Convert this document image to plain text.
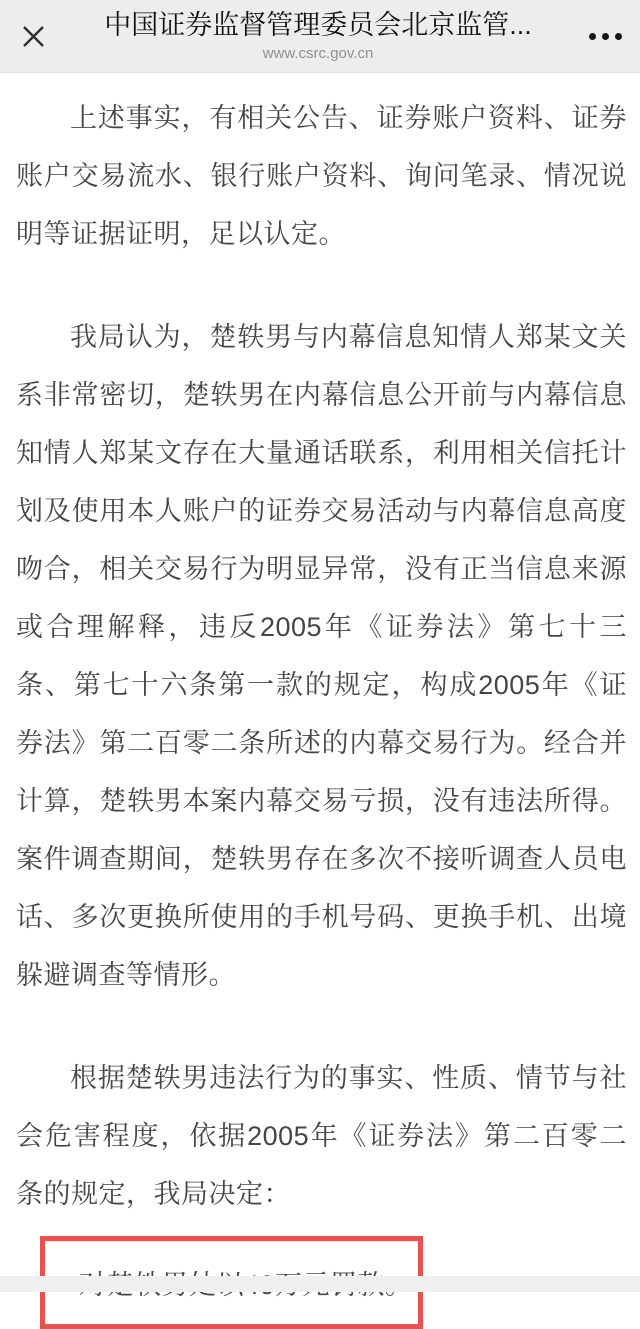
中国证券监督管理委员会北京监管...
www.csrc.gov.cn

上述事实，有相关公告、证券账户资料、证券账户交易流水、银行账户资料、询问笔录、情况说明等证据证明，足以认定。

我局认为，楚轶男与内幕信息知情人郑某文关系非常密切，楚轶男在内幕信息公开前与内幕信息知情人郑某文存在大量通话联系，利用相关信托计划及使用本人账户的证券交易活动与内幕信息高度吻合，相关交易行为明显异常，没有正当信息来源或合理解释，违反2005年《证券法》第七十三条、第七十六条第一款的规定，构成2005年《证券法》第二百零二条所述的内幕交易行为。经合并计算，楚轶男本案内幕交易亏损，没有违法所得。案件调查期间，楚轶男存在多次不接听调查人员电话、多次更换所使用的手机号码、更换手机、出境躲避调查等情形。

根据楚轶男违法行为的事实、性质、情节与社会危害程度，依据2005年《证券法》第二百零二条的规定，我局决定：
